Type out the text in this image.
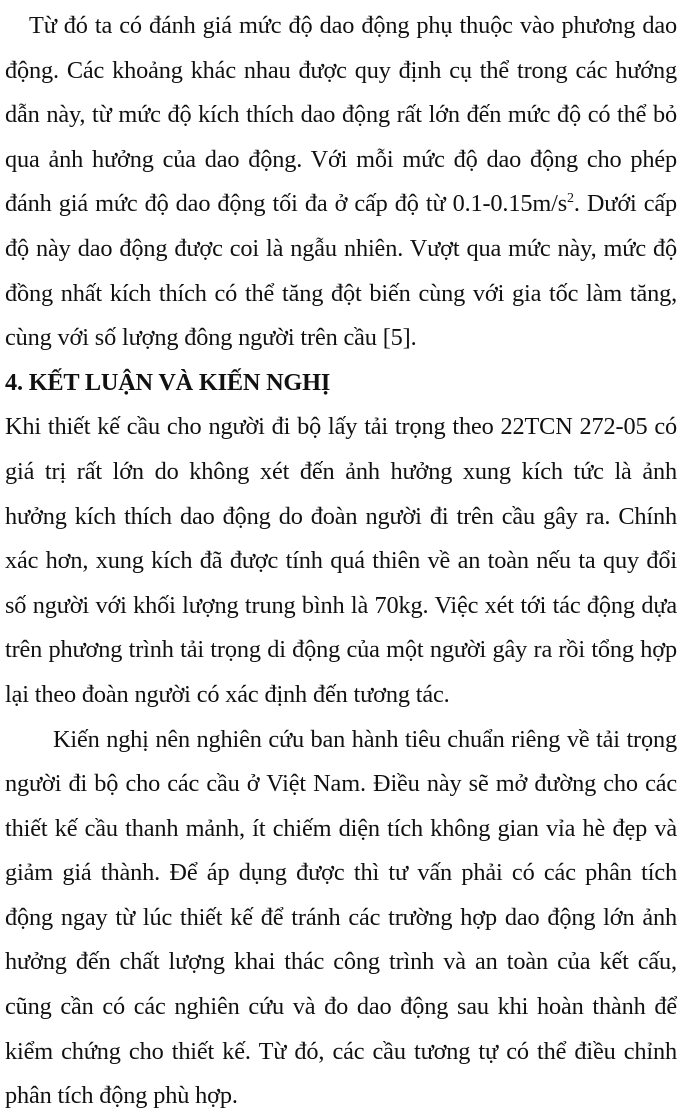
Từ đó ta có đánh giá mức độ dao động phụ thuộc vào phương dao động. Các khoảng khác nhau được quy định cụ thể trong các hướng dẫn này, từ mức độ kích thích dao động rất lớn đến mức độ có thể bỏ qua ảnh hưởng của dao động. Với mỗi mức độ dao động cho phép đánh giá mức độ dao động tối đa ở cấp độ từ $0.1-0.15m/s^2$. Dưới cấp độ này dao động được coi là ngẫu nhiên. Vượt qua mức này, mức độ đồng nhất kích thích có thể tăng đột biến cùng với gia tốc làm tăng, cùng với số lượng đông người trên cầu [5].

4. KẾT LUẬN VÀ KIẾN NGHỊ

Khi thiết kế cầu cho người đi bộ lấy tải trọng theo 22TCN 272-05 có giá trị rất lớn do không xét đến ảnh hưởng xung kích tức là ảnh hưởng kích thích dao động do đoàn người đi trên cầu gây ra. Chính xác hơn, xung kích đã được tính quá thiên về an toàn nếu ta quy đổi số người với khối lượng trung bình là 70kg. Việc xét tới tác động dựa trên phương trình tải trọng di động của một người gây ra rồi tổng hợp lại theo đoàn người có xác định đến tương tác.

Kiến nghị nên nghiên cứu ban hành tiêu chuẩn riêng về tải trọng người đi bộ cho các cầu ở Việt Nam. Điều này sẽ mở đường cho các thiết kế cầu thanh mảnh, ít chiếm diện tích không gian vỉa hè đẹp và giảm giá thành. Để áp dụng được thì tư vấn phải có các phân tích động ngay từ lúc thiết kế để tránh các trường hợp dao động lớn ảnh hưởng đến chất lượng khai thác công trình và an toàn của kết cấu, cũng cần có các nghiên cứu và đo dao động sau khi hoàn thành để kiểm chứng cho thiết kế. Từ đó, các cầu tương tự có thể điều chỉnh phân tích động phù hợp.
